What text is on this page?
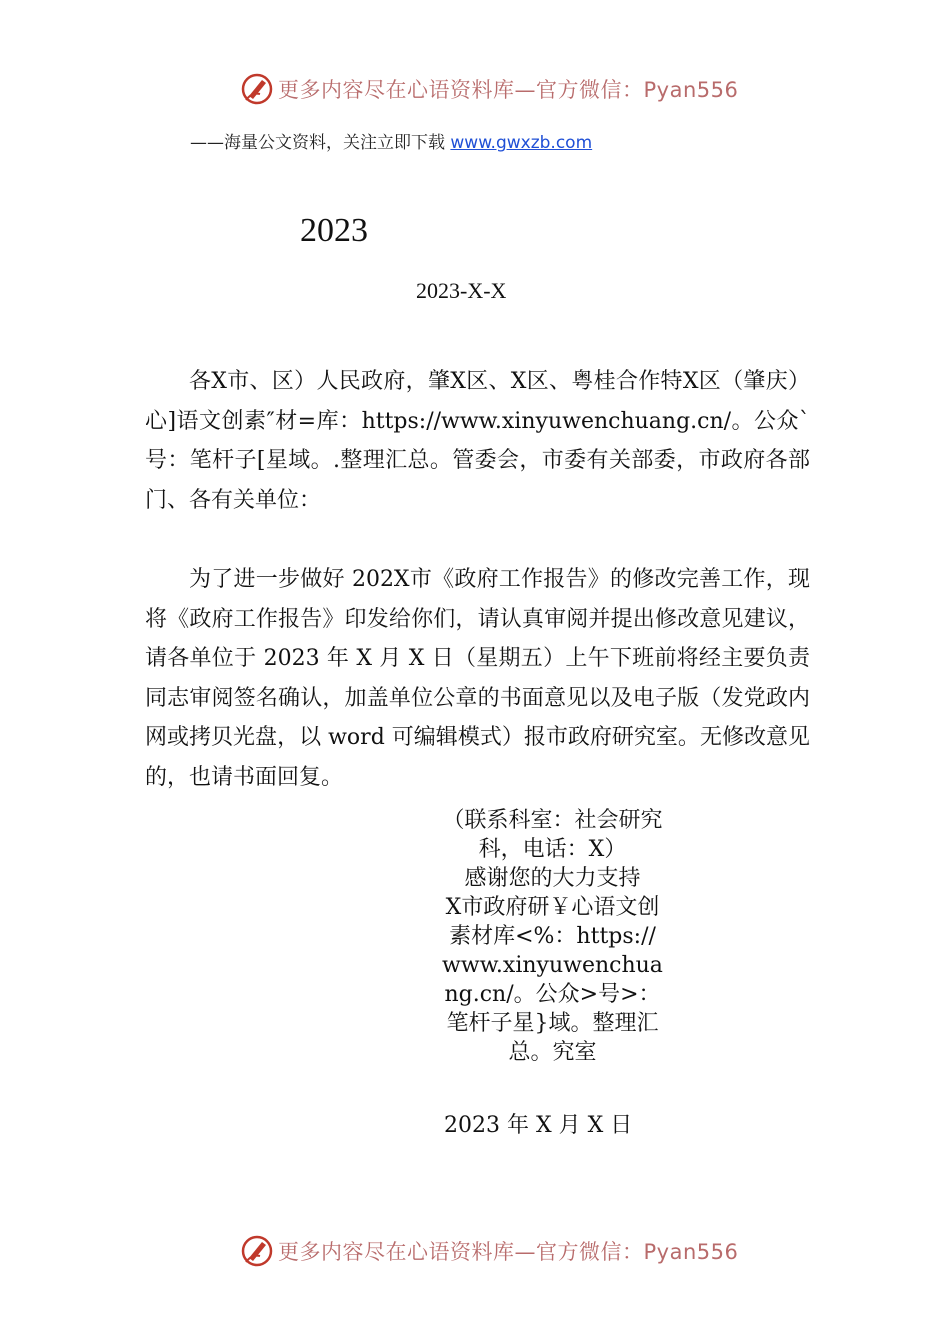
更多内容尽在心语资料库—官方微信：Pyan556
——海量公文资料，关注立即下载 www.gwxzb.com
2023
2023-X-X

各X市、区）人民政府，肇X区、X区、粤桂合作特X区（肇庆）心]语文创素″材=库：https://www.xinyuwenchuang.cn/。公众`号：笔杆子[星域。.整理汇总。管委会，市委有关部委，市政府各部门、各有关单位：

为了进一步做好 202X市《政府工作报告》的修改完善工作，现将《政府工作报告》印发给你们，请认真审阅并提出修改意见建议，请各单位于 2023 年 X 月 X 日（星期五）上午下班前将经主要负责同志审阅签名确认，加盖单位公章的书面意见以及电子版（发党政内网或拷贝光盘，以 word 可编辑模式）报市政府研究室。无修改意见的，也请书面回复。

（联系科室：社会研究科，电话：X）
感谢您的大力支持
X市政府研￥心语文创素材库<%：https://www.xinyuwenchuang.cn/。公众>号>：笔杆子星}域。整理汇总。究室
2023 年 X 月 X 日
更多内容尽在心语资料库—官方微信：Pyan556
